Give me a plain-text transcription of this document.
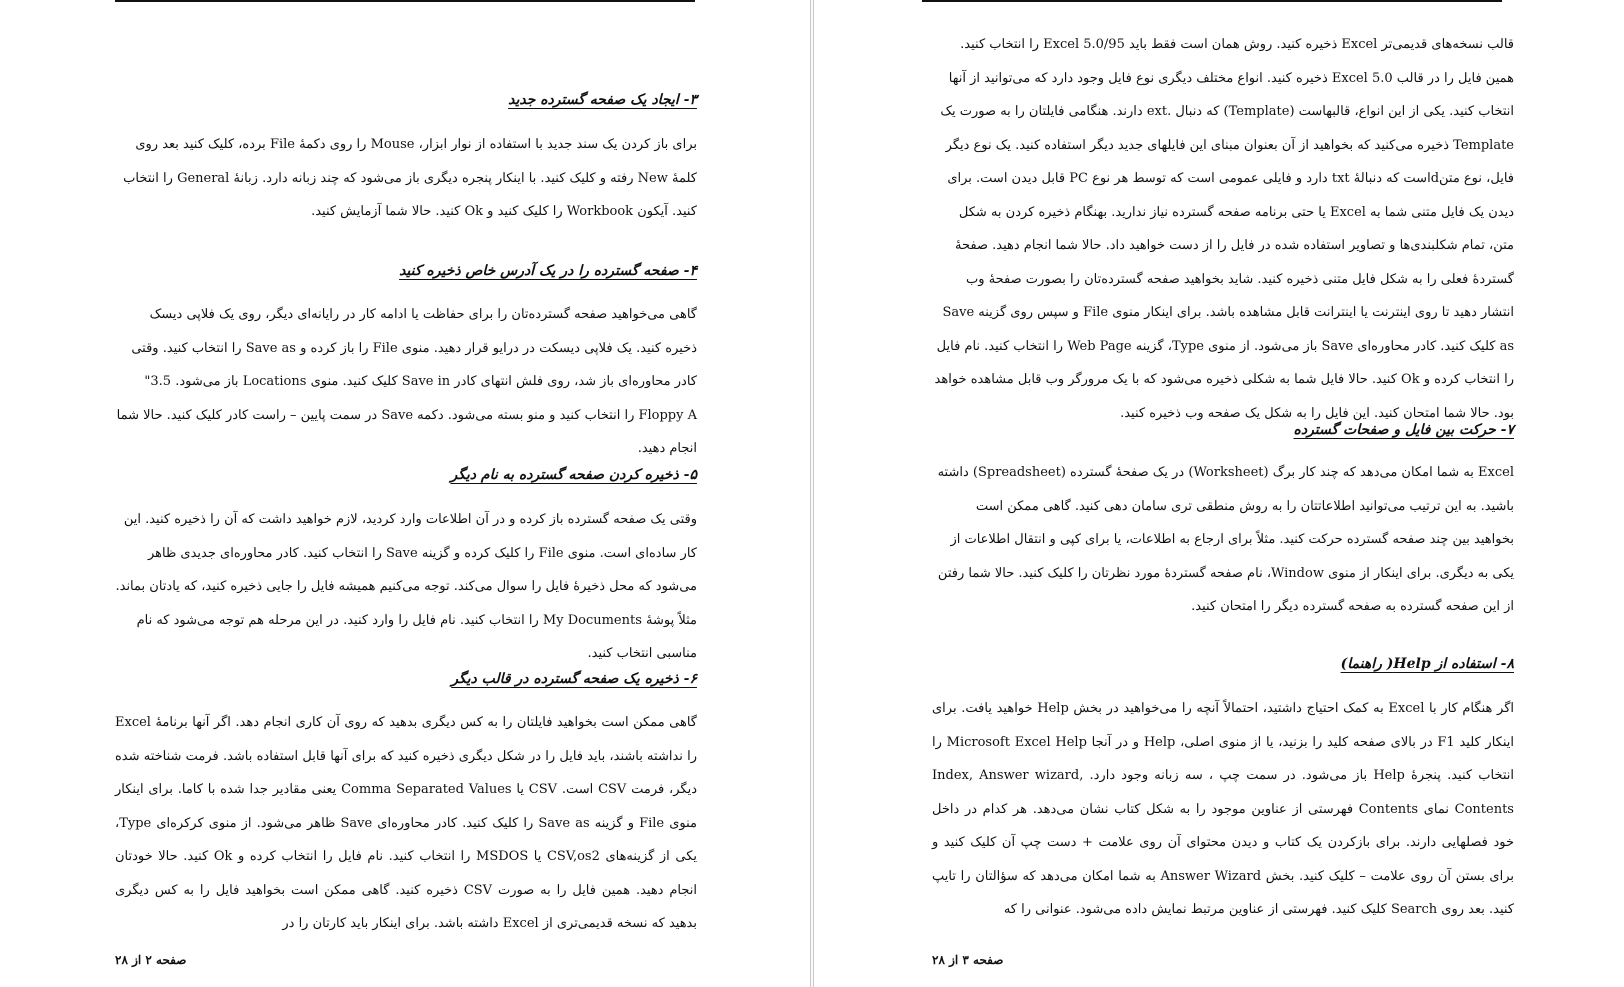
۳- ایجاد یک صفحه گسترده جدید

برای باز کردن یک سند جدید با استفاده از نوار ابزار، Mouse را روی دکمهٔ File برده، کلیک کنید بعد روی کلمهٔ New رفته و کلیک کنید. با اینکار پنجره دیگری باز می‌شود که چند زبانه دارد. زبانهٔ General را انتخاب کنید. آیکون Workbook را کلیک کنید و Ok کنید. حالا شما آزمایش کنید.

۴- صفحه گسترده را در یک آدرس خاص ذخیره کنید

گاهی می‌خواهید صفحه گسترده‌تان را برای حفاظت یا ادامه کار در رایانه‌ای دیگر، روی یک فلاپی دیسک ذخیره کنید. یک فلاپی دیسکت در درایو قرار دهید. منوی File را باز کرده و Save as را انتخاب کنید. وقتی کادر محاوره‌ای باز شد، روی فلش انتهای کادر Save in کلیک کنید. منوی Locations باز می‌شود. 3.5" Floppy A را انتخاب کنید و منو بسته می‌شود. دکمه Save در سمت پایین – راست کادر کلیک کنید. حالا شما انجام دهید.

۵- ذخیره کردن صفحه گسترده به نام دیگر

وقتی یک صفحه گسترده باز کرده و در آن اطلاعات وارد کردید، لازم خواهید داشت که آن را ذخیره کنید. این کار ساده‌ای است. منوی File را کلیک کرده و گزینه Save را انتخاب کنید. کادر محاوره‌ای جدیدی ظاهر می‌شود که محل ذخیرهٔ فایل را سوال می‌کند. توجه می‌کنیم همیشه فایل را جایی ذخیره کنید، که یادتان بماند. مثلاً پوشهٔ My Documents را انتخاب کنید. نام فایل را وارد کنید. در این مرحله هم توجه می‌شود که نام مناسبی انتخاب کنید.

۶- ذخیره یک صفحه گسترده در قالب دیگر

گاهی ممکن است بخواهید فایلتان را به کس دیگری بدهید که روی آن کاری انجام دهد. اگر آنها برنامهٔ Excel را نداشته باشند، باید فایل را در شکل دیگری ذخیره کنید که برای آنها قابل استفاده باشد. فرمت شناخته شده دیگر، فرمت CSV است. CSV یا Comma Separated Values یعنی مقادیر جدا شده با کاما. برای اینکار منوی File و گزینه Save as را کلیک کنید. کادر محاوره‌ای Save ظاهر می‌شود. از منوی کرکره‌ای Type، یکی از گزینه‌های CSV,os2 یا MSDOS را انتخاب کنید. نام فایل را انتخاب کرده و Ok کنید. حالا خودتان انجام دهید. همین فایل را به صورت CSV ذخیره کنید. گاهی ممکن است بخواهید فایل را به کس دیگری بدهید که نسخه قدیمی‌تری از Excel داشته باشد. برای اینکار باید کارتان را در

صفحه ۲ از ۲۸

قالب نسخه‌های قدیمی‌تر Excel ذخیره کنید. روش همان است فقط باید Excel 5.0/95 را انتخاب کنید. همین فایل را در قالب Excel 5.0 ذخیره کنید. انواع مختلف دیگری نوع فایل وجود دارد که می‌توانید از آنها انتخاب کنید. یکی از این انواع، قالبهاست (Template) که دنبال .ext دارند. هنگامی فایلتان را به صورت یک Template ذخیره می‌کنید که بخواهید از آن بعنوان مبنای این فایلهای جدید دیگر استفاده کنید. یک نوع دیگر فایل، نوع متنdاست که دنبالهٔ txt دارد و فایلی عمومی است که توسط هر نوع PC قابل دیدن است. برای دیدن یک فایل متنی شما به Excel یا حتی برنامه صفحه گسترده نیاز ندارید. بهنگام ذخیره کردن به شکل متن، تمام شکلبندی‌ها و تصاویر استفاده شده در فایل را از دست خواهید داد. حالا شما انجام دهید. صفحهٔ گستردهٔ فعلی را به شکل فایل متنی ذخیره کنید. شاید بخواهید صفحه گسترده‌تان را بصورت صفحهٔ وب انتشار دهید تا روی اینترنت یا اینترانت قابل مشاهده باشد. برای اینکار منوی File و سپس روی گزینه Save as کلیک کنید. کادر محاوره‌ای Save باز می‌شود. از منوی Type، گزینه Web Page را انتخاب کنید. نام فایل را انتخاب کرده و Ok کنید. حالا فایل شما به شکلی ذخیره می‌شود که با یک مرورگر وب قابل مشاهده خواهد بود. حالا شما امتحان کنید. این فایل را به شکل یک صفحه وب ذخیره کنید.

۷- حرکت بین فایل و صفحات گسترده

Excel به شما امکان می‌دهد که چند کار برگ (Worksheet) در یک صفحهٔ گسترده (Spreadsheet) داشته باشید. به این ترتیب می‌توانید اطلاعاتتان را به روش منطقی تری سامان دهی کنید. گاهی ممکن است بخواهید بین چند صفحه گسترده حرکت کنید. مثلاً برای ارجاع به اطلاعات، یا برای کپی و انتقال اطلاعات از یکی به دیگری. برای اینکار از منوی Window، نام صفحه گستردهٔ مورد نظرتان را کلیک کنید. حالا شما رفتن از این صفحه گسترده به صفحه گسترده دیگر را امتحان کنید.

۸- استفاده از Help( راهنما)

اگر هنگام کار با Excel به کمک احتیاج داشتید، احتمالاً آنچه را می‌خواهید در بخش Help خواهید یافت. برای اینکار کلید F1 در بالای صفحه کلید را بزنید، یا از منوی اصلی، Help و در آنجا Microsoft Excel Help را انتخاب کنید. پنجرهٔ Help باز می‌شود. در سمت چپ ، سه زبانه وجود دارد. Index, Answer wizard, Contents نمای Contents فهرستی از عناوین موجود را به شکل کتاب نشان می‌دهد. هر کدام در داخل خود فصلهایی دارند. برای بازکردن یک کتاب و دیدن محتوای آن روی علامت + دست چپ آن کلیک کنید و برای بستن آن روی علامت – کلیک کنید. بخش Answer Wizard به شما امکان می‌دهد که سؤالتان را تایپ کنید. بعد روی Search کلیک کنید. فهرستی از عناوین مرتبط نمایش داده می‌شود. عنوانی را که

صفحه ۳ از ۲۸
